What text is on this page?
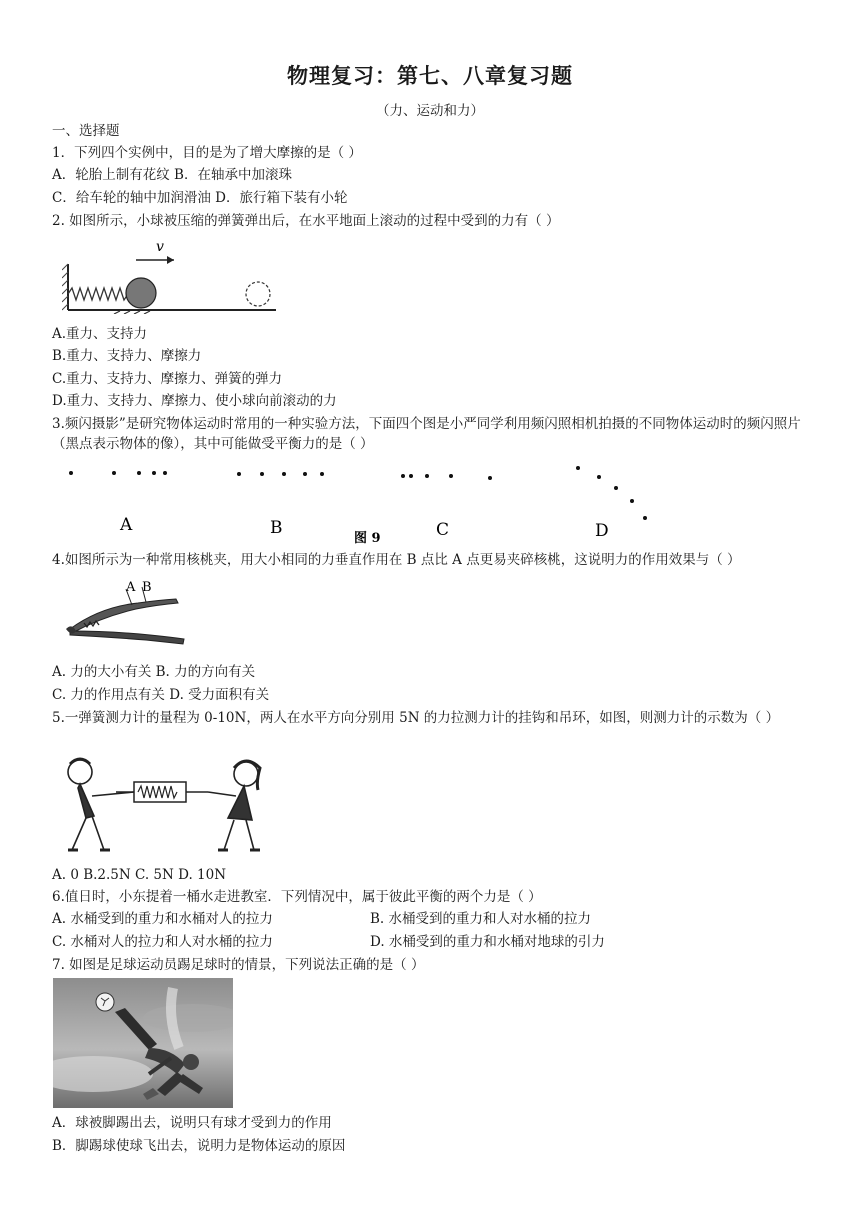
物理复习：第七、八章复习题
（力、运动和力）
一、选择题
1．下列四个实例中，目的是为了增大摩擦的是（ ）
A．轮胎上制有花纹 B．在轴承中加滚珠
C．给车轮的轴中加润滑油 D．旅行箱下装有小轮
2. 如图所示，小球被压缩的弹簧弹出后，在水平地面上滚动的过程中受到的力有（ ）
v
A.重力、支持力
B.重力、支持力、摩擦力
C.重力、支持力、摩擦力、弹簧的弹力
D.重力、支持力、摩擦力、使小球向前滚动的力
3.频闪摄影”是研究物体运动时常用的一种实验方法，下面四个图是小严同学利用频闪照相机拍摄的不同物体运动时的频闪照片（黑点表示物体的像），其中可能做受平衡力的是（ ）
A	B	C	D
图 9
4.如图所示为一种常用核桃夹，用大小相同的力垂直作用在 B 点比 A 点更易夹碎核桃，这说明力的作用效果与（ ）
A B
A. 力的大小有关 B. 力的方向有关
C. 力的作用点有关 D. 受力面积有关
5.一弹簧测力计的量程为 0-10N，两人在水平方向分别用 5N 的力拉测力计的挂钩和吊环，如图，则测力计的示数为（ ）
A. 0 B.2.5N C. 5N D. 10N
6.值日时，小东提着一桶水走进教室．下列情况中，属于彼此平衡的两个力是（ ）
A. 水桶受到的重力和水桶对人的拉力	B. 水桶受到的重力和人对水桶的拉力
C. 水桶对人的拉力和人对水桶的拉力	D. 水桶受到的重力和水桶对地球的引力
7. 如图是足球运动员踢足球时的情景，下列说法正确的是（ ）
A．球被脚踢出去，说明只有球才受到力的作用
B．脚踢球使球飞出去，说明力是物体运动的原因
